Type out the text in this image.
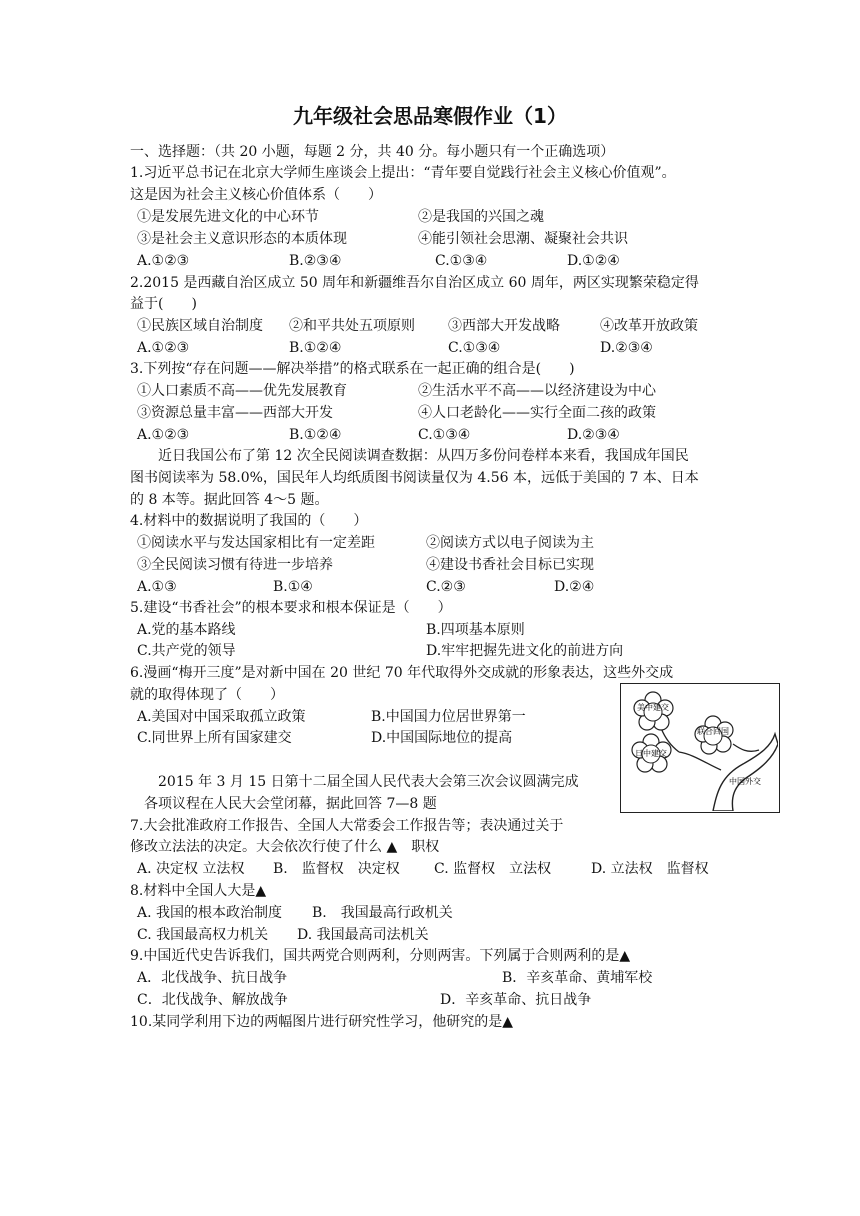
九年级社会思品寒假作业（1）
一、选择题：（共 20 小题，每题 2 分，共 40 分。每小题只有一个正确选项）
1.习近平总书记在北京大学师生座谈会上提出：“青年要自觉践行社会主义核心价值观”。
这是因为社会主义核心价值体系（　　）
①是发展先进文化的中心环节	②是我国的兴国之魂
③是社会主义意识形态的本质体现	④能引领社会思潮、凝聚社会共识
A.①②③	B.②③④	C.①③④	D.①②④
2.2015 是西藏自治区成立 50 周年和新疆维吾尔自治区成立 60 周年，两区实现繁荣稳定得
益于(　　)
①民族区域自治制度 ②和平共处五项原则 ③西部大开发战略	④改革开放政策
A.①②③	B.①②④	C.①③④	D.②③④
3.下列按“存在问题——解决举措”的格式联系在一起正确的组合是(　　)
①人口素质不高——优先发展教育	②生活水平不高——以经济建设为中心
③资源总量丰富——西部大开发	④人口老龄化——实行全面二孩的政策
A.①②③	B.①②④	C.①③④	D.②③④
近日我国公布了第 12 次全民阅读调查数据：从四万多份问卷样本来看，我国成年国民
图书阅读率为 58.0%，国民年人均纸质图书阅读量仅为 4.56 本，远低于美国的 7 本、日本
的 8 本等。据此回答 4～5 题。
4.材料中的数据说明了我国的（　　）
①阅读水平与发达国家相比有一定差距	②阅读方式以电子阅读为主
③全民阅读习惯有待进一步培养	④建设书香社会目标已实现
A.①③	B.①④	C.②③	D.②④
5.建设“书香社会”的根本要求和根本保证是（　　）
A.党的基本路线	B.四项基本原则
C.共产党的领导	D.牢牢把握先进文化的前进方向
6.漫画“梅开三度”是对新中国在 20 世纪 70 年代取得外交成就的形象表达，这些外交成
就的取得体现了（　　）
A.美国对中国采取孤立政策	B.中国国力位居世界第一
C.同世界上所有国家建交	D.中国国际地位的提高
美中建交
联合回国
日中建交
中国外交
2015 年 3 月 15 日第十二届全国人民代表大会第三次会议圆满完成
各项议程在人民大会堂闭幕，据此回答 7—8 题
7.大会批准政府工作报告、全国人大常委会工作报告等；表决通过关于
修改立法法的决定。大会依次行使了什么 ▲　职权
A. 决定权 立法权 B.　监督权　决定权 C. 监督权　立法权	D. 立法权　监督权
8.材料中全国人大是▲
A. 我国的根本政治制度 B.　我国最高行政机关
C. 我国最高权力机关 D. 我国最高司法机关
9.中国近代史告诉我们，国共两党合则两利，分则两害。下列属于合则两利的是▲
A．北伐战争、抗日战争	B．辛亥革命、黄埔军校
C．北伐战争、解放战争	D．辛亥革命、抗日战争
10.某同学利用下边的两幅图片进行研究性学习，他研究的是▲
